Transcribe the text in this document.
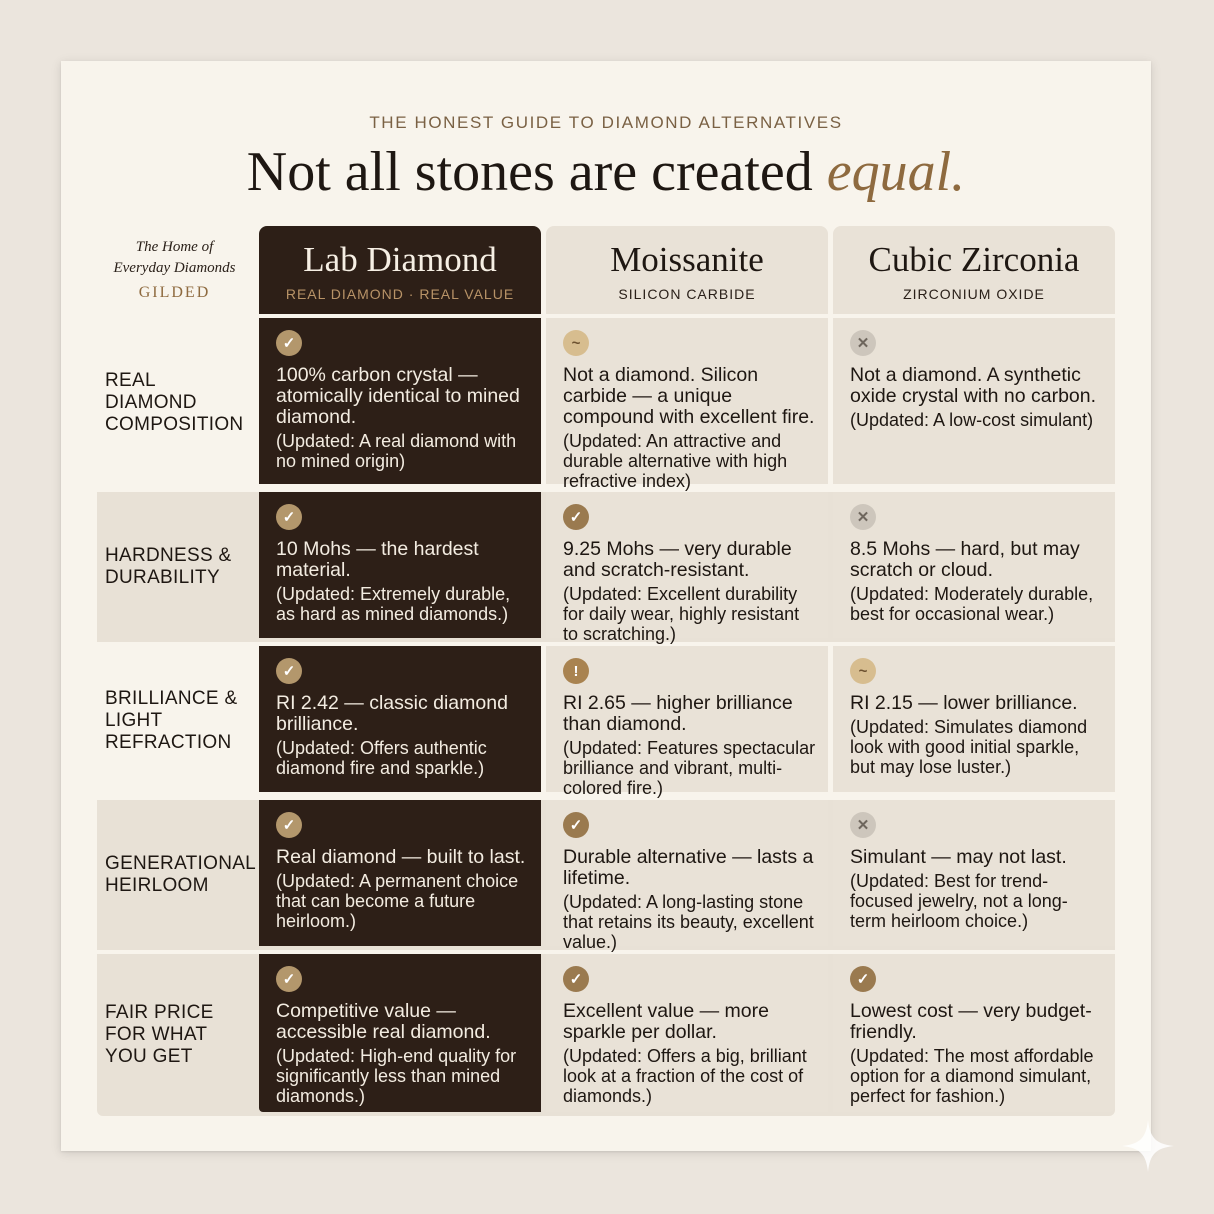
THE HONEST GUIDE TO DIAMOND ALTERNATIVES
Not all stones are created equal.
The Home of
Everyday Diamonds
GILDED
Lab Diamond
REAL DIAMOND · REAL VALUE
Moissanite
SILICON CARBIDE
Cubic Zirconia
ZIRCONIUM OXIDE
REAL
DIAMOND
COMPOSITION
✓
100% carbon crystal — atomically identical to mined diamond.
(Updated: A real diamond with no mined origin)
~
Not a diamond. Silicon carbide — a unique compound with excellent fire.
(Updated: An attractive and durable alternative with high refractive index)
✕
Not a diamond. A synthetic oxide crystal with no carbon.
(Updated: A low-cost simulant)
HARDNESS &
DURABILITY
✓
10 Mohs — the hardest material.
(Updated: Extremely durable, as hard as mined diamonds.)
✓
9.25 Mohs — very durable and scratch-resistant.
(Updated: Excellent durability for daily wear, highly resistant to scratching.)
✕
8.5 Mohs — hard, but may scratch or cloud.
(Updated: Moderately durable, best for occasional wear.)
BRILLIANCE &
LIGHT
REFRACTION
✓
RI 2.42 — classic diamond brilliance.
(Updated: Offers authentic diamond fire and sparkle.)
!
RI 2.65 — higher brilliance than diamond.
(Updated: Features spectacular brilliance and vibrant, multi-colored fire.)
~
RI 2.15 — lower brilliance.
(Updated: Simulates diamond look with good initial sparkle, but may lose luster.)
GENERATIONAL
HEIRLOOM
✓
Real diamond — built to last.
(Updated: A permanent choice that can become a future heirloom.)
✓
Durable alternative — lasts a lifetime.
(Updated: A long-lasting stone that retains its beauty, excellent value.)
✕
Simulant — may not last.
(Updated: Best for trend-focused jewelry, not a long-term heirloom choice.)
FAIR PRICE
FOR WHAT
YOU GET
✓
Competitive value — accessible real diamond.
(Updated: High-end quality for significantly less than mined diamonds.)
✓
Excellent value — more sparkle per dollar.
(Updated: Offers a big, brilliant look at a fraction of the cost of diamonds.)
✓
Lowest cost — very budget-friendly.
(Updated: The most affordable option for a diamond simulant, perfect for fashion.)
